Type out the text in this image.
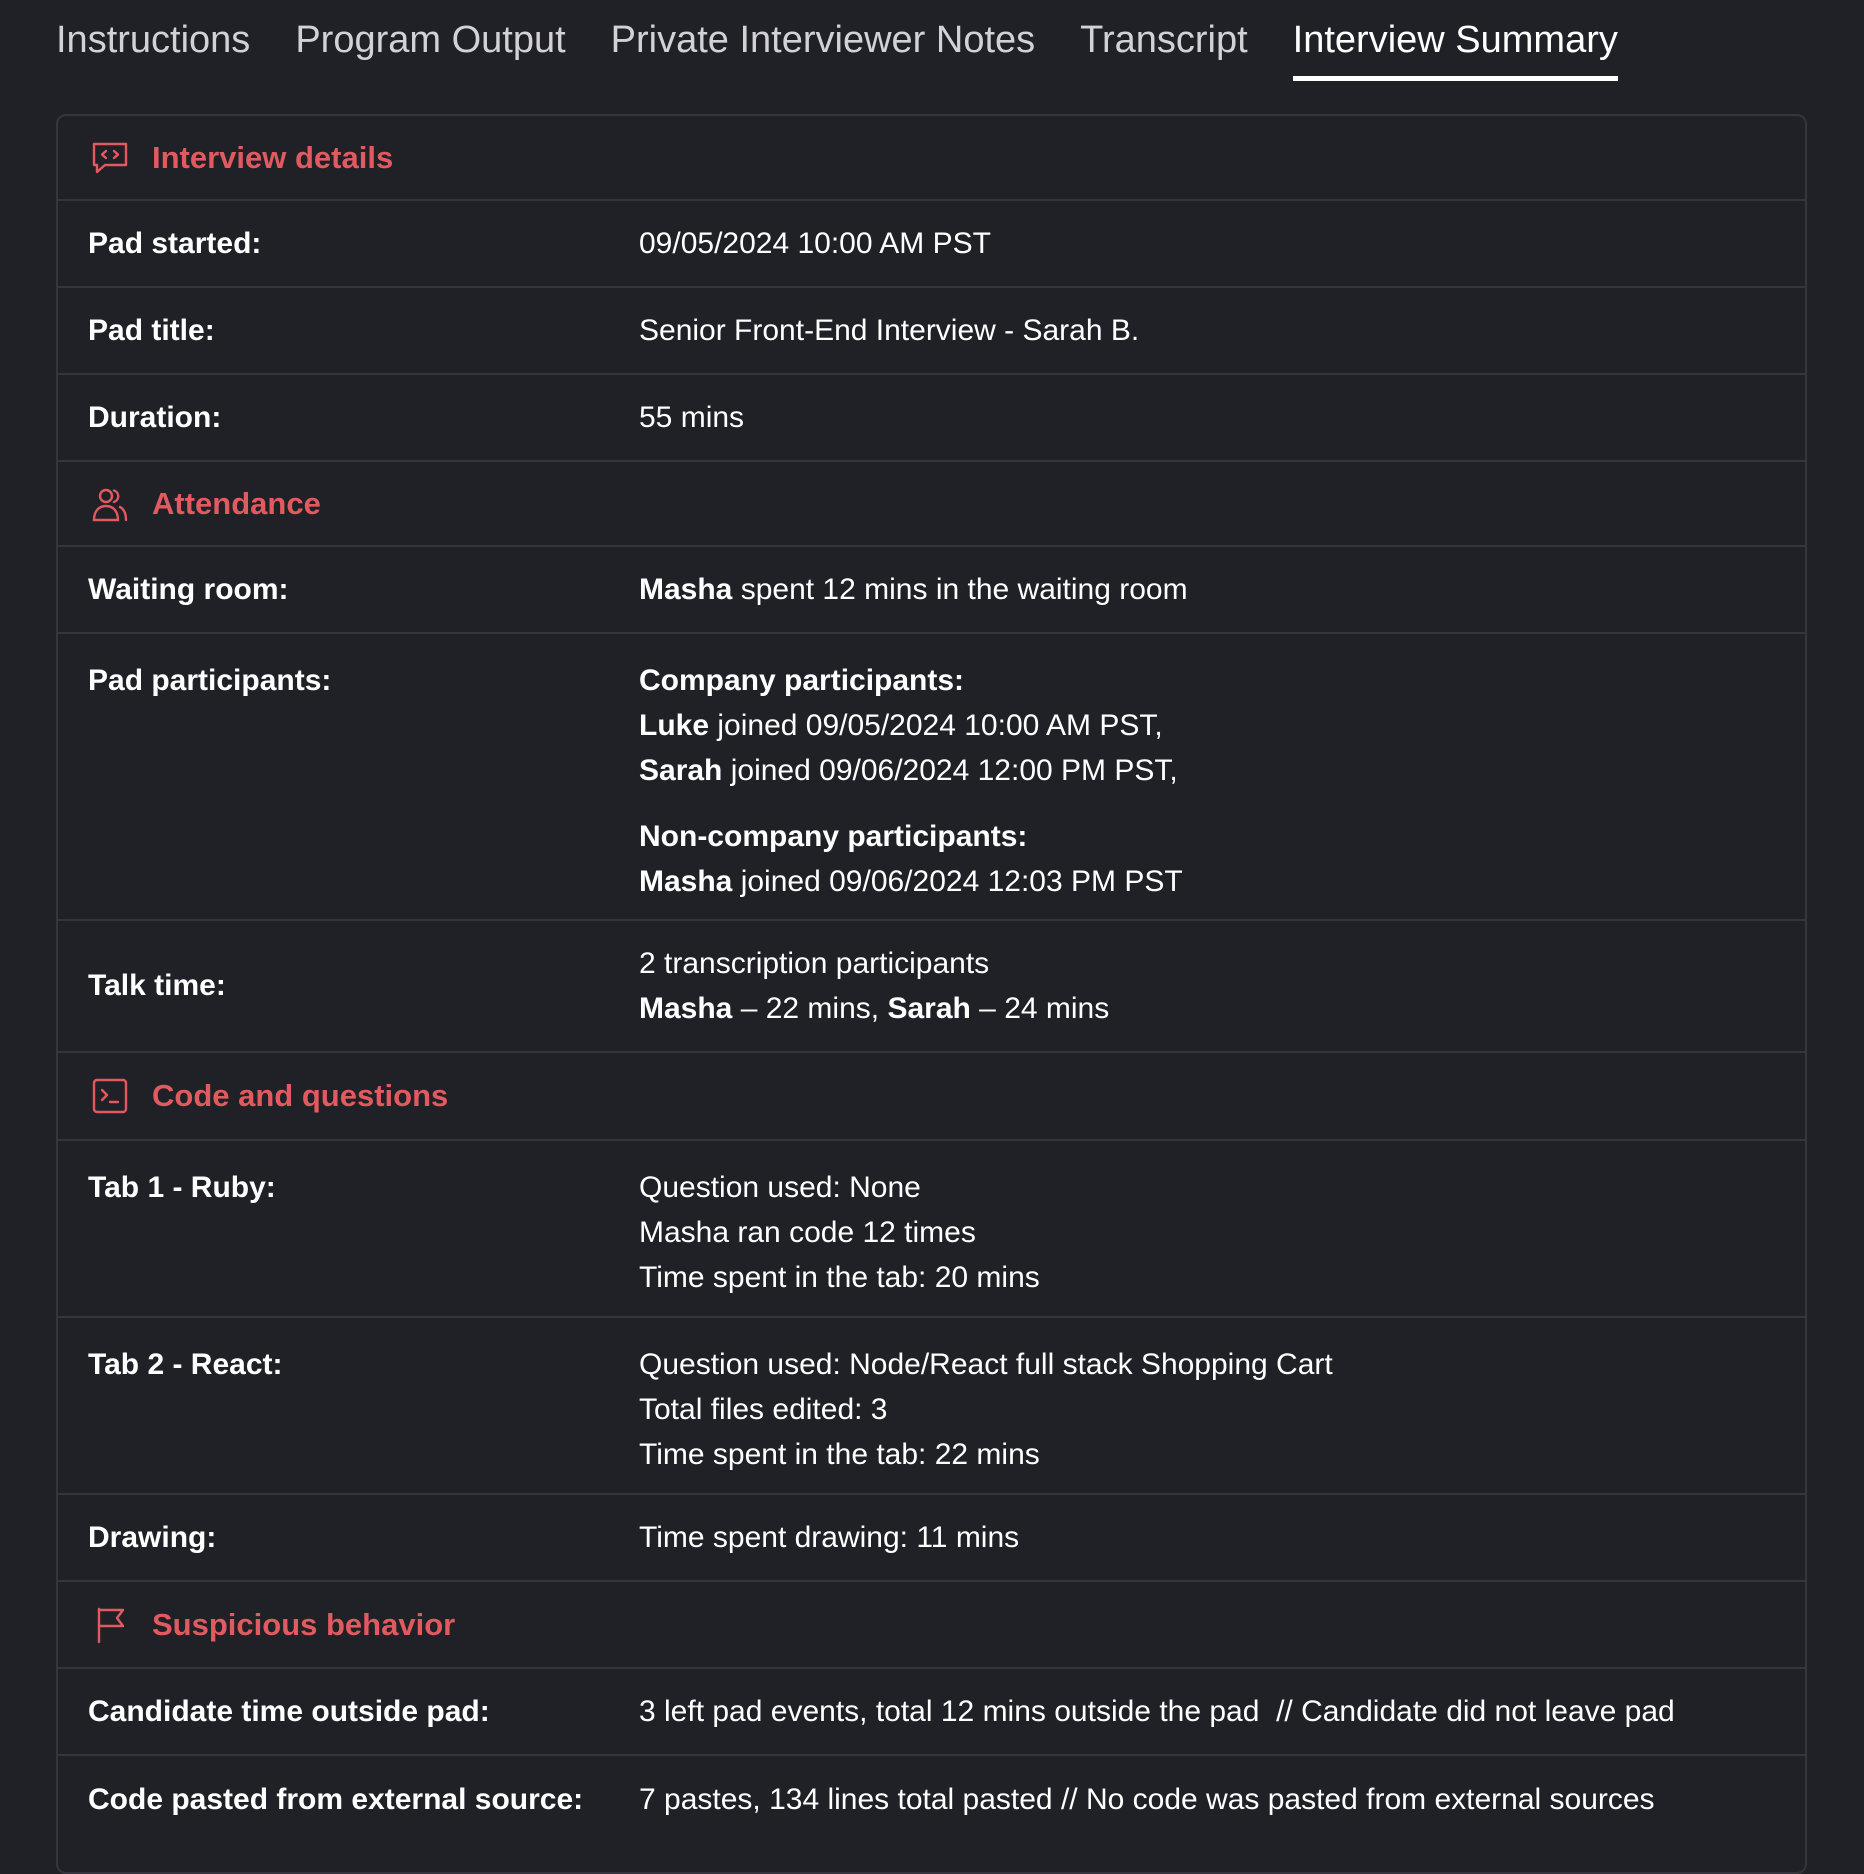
Instructions Program Output Private Interviewer Notes Transcript Interview Summary
Interview details
Pad started:	09/05/2024 10:00 AM PST
Pad title:	Senior Front-End Interview - Sarah B.
Duration:	55 mins
Attendance
Waiting room:	Masha spent 12 mins in the waiting room
Pad participants:	Company participants:
Luke joined 09/05/2024 10:00 AM PST,
Sarah joined 09/06/2024 12:00 PM PST,
Non-company participants:
Masha joined 09/06/2024 12:03 PM PST
Talk time:
2 transcription participants
Masha – 22 mins, Sarah – 24 mins
Code and questions
Tab 1 - Ruby:	Question used: None
Masha ran code 12 times
Time spent in the tab: 20 mins
Tab 2 - React:	Question used: Node/React full stack Shopping Cart
Total files edited: 3
Time spent in the tab: 22 mins
Drawing:	Time spent drawing: 11 mins
Suspicious behavior
Candidate time outside pad:	3 left pad events, total 12 mins outside the pad  // Candidate did not leave pad
Code pasted from external source:	7 pastes, 134 lines total pasted // No code was pasted from external sources
